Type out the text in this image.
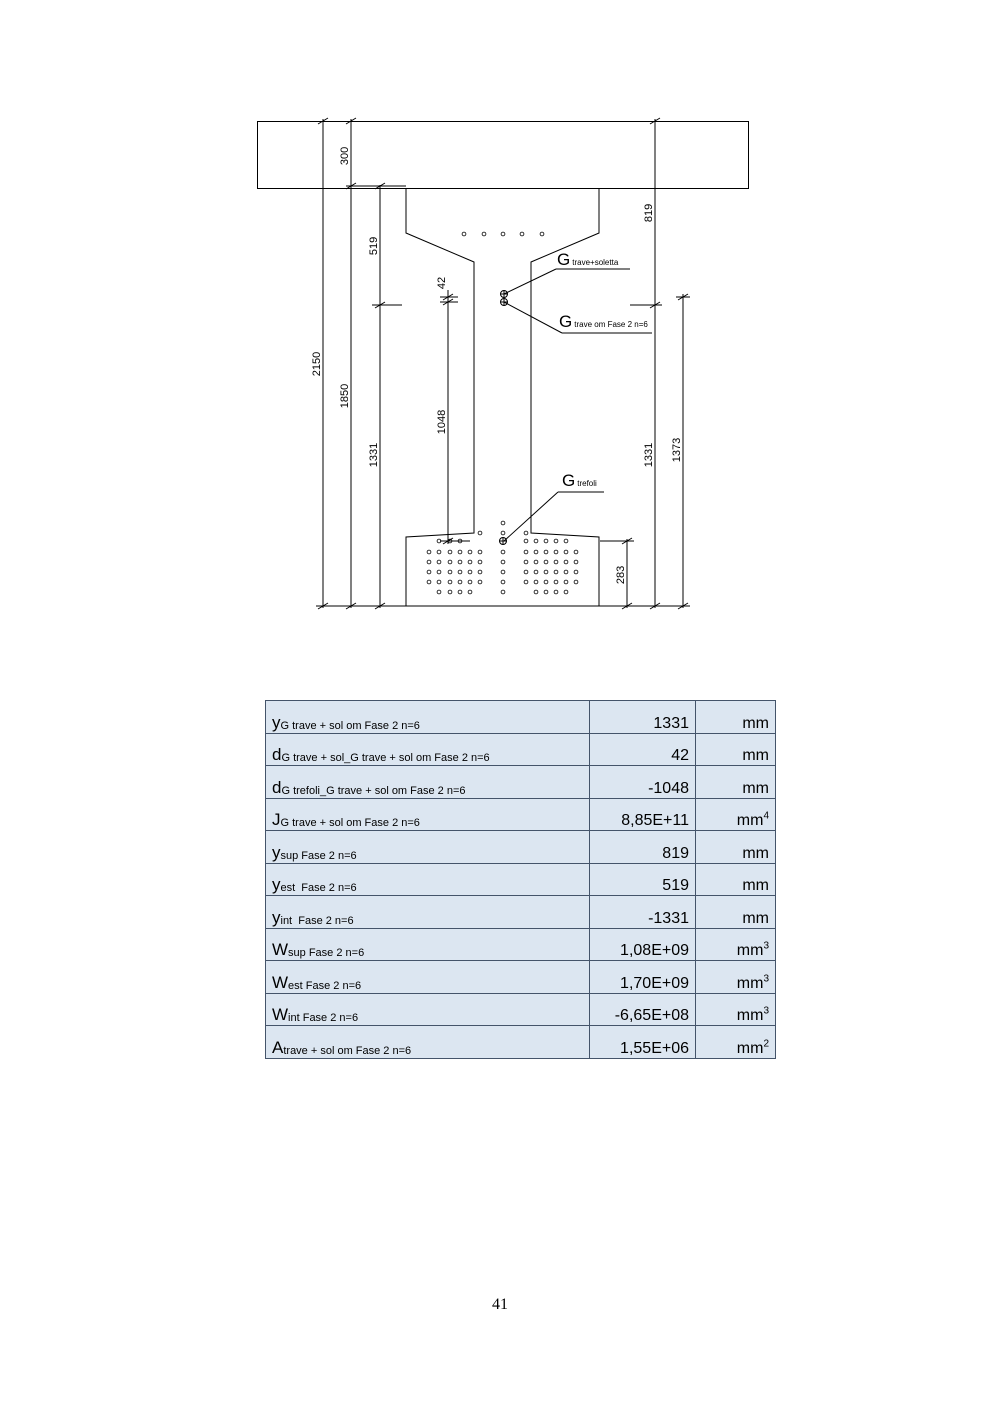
2150
1850
300
519
1331
42
1048
819
1331 1373
283
Gtrave+soletta
Gtrave om Fase 2 n=6
Gtrefoli
$y_{G trave + sol om Fase 2 n=6}$	1331	mm
$d_{G trave + sol\_G trave + sol om Fase 2 n=6}$	42	mm
$d_{G trefoli\_G trave + sol om Fase 2 n=6}$	-1048	mm
$J_{G trave + sol om Fase 2 n=6}$	8,85E+11	$mm^4$
$y_{sup Fase 2 n=6}$	819	mm
$y_{est Fase 2 n=6}$	519	mm
$y_{int Fase 2 n=6}$	-1331	mm
$W_{sup Fase 2 n=6}$	1,08E+09	$mm^3$
$W_{est Fase 2 n=6}$	1,70E+09	$mm^3$
$W_{int Fase 2 n=6}$	-6,65E+08	$mm^3$
$A_{trave + sol om Fase 2 n=6}$	1,55E+06	$mm^2$
41
